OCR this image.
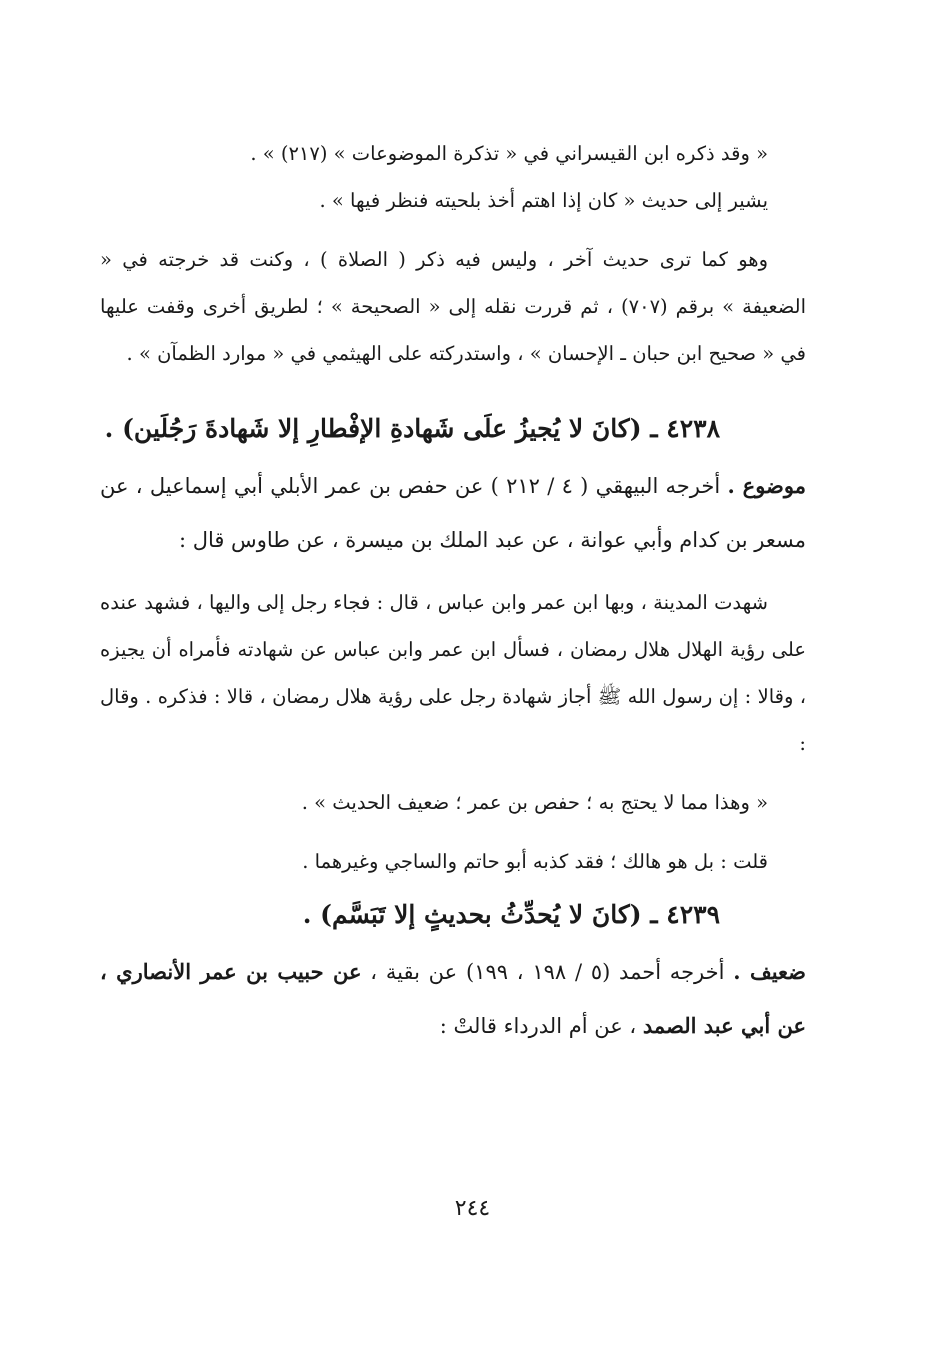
« وقد ذكره ابن القيسراني في « تذكرة الموضوعات » (٢١٧) » .

يشير إلى حديث « كان إذا اهتم أخذ بلحيته فنظر فيها » .

وهو كما ترى حديث آخر ، وليس فيه ذكر ( الصلاة ) ، وكنت قد خرجته في « الضعيفة » برقم (٧٠٧) ، ثم قررت نقله إلى « الصحيحة » ؛ لطريق أخرى وقفت عليها في « صحيح ابن حبان ـ الإحسان » ، واستدركته على الهيثمي في « موارد الظمآن » .

٤٢٣٨ ـ (كانَ لا يُجيزُ علَى شَهادةِ الإفْطارِ إلا شَهادةَ رَجُلَين) .

موضوع . أخرجه البيهقي ( ٤ / ٢١٢ ) عن حفص بن عمر الأبلي أبي إسماعيل ، عن مسعر بن كدام وأبي عوانة ، عن عبد الملك بن ميسرة ، عن طاوس قال :

شهدت المدينة ، وبها ابن عمر وابن عباس ، قال : فجاء رجل إلى واليها ، فشهد عنده على رؤية الهلال هلال رمضان ، فسأل ابن عمر وابن عباس عن شهادته فأمراه أن يجيزه ، وقالا : إن رسول الله ﷺ أجاز شهادة رجل على رؤية هلال رمضان ، قالا : فذكره . وقال :

« وهذا مما لا يحتج به ؛ حفص بن عمر ؛ ضعيف الحديث » .

قلت : بل هو هالك ؛ فقد كذبه أبو حاتم والساجي وغيرهما .

٤٢٣٩ ـ (كانَ لا يُحدِّثُ بحديثٍ إلا تَبَسَّم) .

ضعيف . أخرجه أحمد (٥ / ١٩٨ ، ١٩٩) عن بقية ، عن حبيب بن عمر الأنصاري ، عن أبي عبد الصمد ، عن أم الدرداء قالتْ :

٢٤٤
